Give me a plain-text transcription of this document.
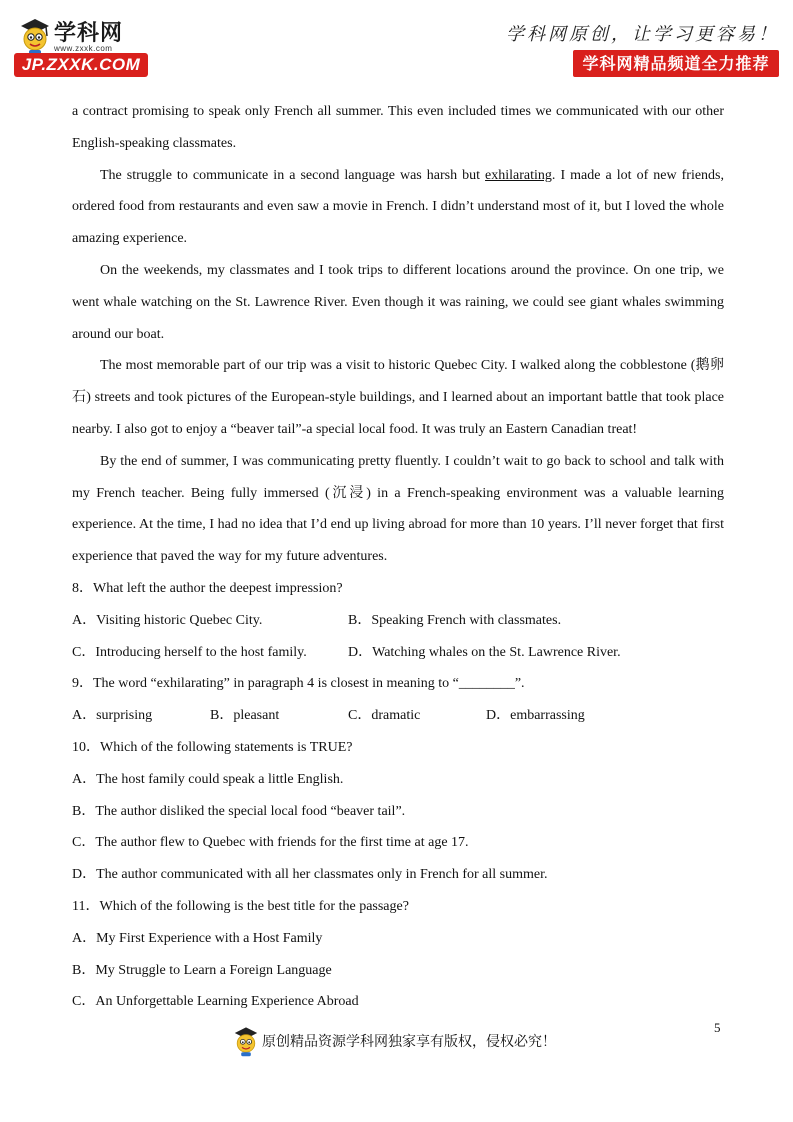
学科网
www.zxxk.com
JP.ZXXK.COM
学科网原创，让学习更容易！
学科网精品频道全力推荐
a contract promising to speak only French all summer. This even included times we communicated with our other
English-speaking classmates.
The struggle to communicate in a second language was harsh but exhilarating. I made a lot of new friends,
ordered food from restaurants and even saw a movie in French. I didn’t understand most of it, but I loved the whole
amazing experience.
On the weekends, my classmates and I took trips to different locations around the province. On one trip, we
went whale watching on the St. Lawrence River. Even though it was raining, we could see giant whales swimming
around our boat.
The most memorable part of our trip was a visit to historic Quebec City. I walked along the cobblestone (鹅卵
石) streets and took pictures of the European-style buildings, and I learned about an important battle that took place
nearby. I also got to enjoy a “beaver tail”-a special local food. It was truly an Eastern Canadian treat!
By the end of summer, I was communicating pretty fluently. I couldn’t wait to go back to school and talk with
my French teacher. Being fully immersed (沉浸) in a French-speaking environment was a valuable learning
experience. At the time, I had no idea that I’d end up living abroad for more than 10 years. I’ll never forget that first
experience that paved the way for my future adventures.
8．What left the author the deepest impression?
A．Visiting historic Quebec City.	B．Speaking French with classmates.
C．Introducing herself to the host family.	D．Watching whales on the St. Lawrence River.
9．The word “exhilarating” in paragraph 4 is closest in meaning to “________”.
A．surprising	B．pleasant	C．dramatic	D．embarrassing
10．Which of the following statements is TRUE?
A．The host family could speak a little English.
B．The author disliked the special local food “beaver tail”.
C．The author flew to Quebec with friends for the first time at age 17.
D．The author communicated with all her classmates only in French for all summer.
11．Which of the following is the best title for the passage?
A．My First Experience with a Host Family
B．My Struggle to Learn a Foreign Language
C．An Unforgettable Learning Experience Abroad
5
原创精品资源学科网独家享有版权，侵权必究！
